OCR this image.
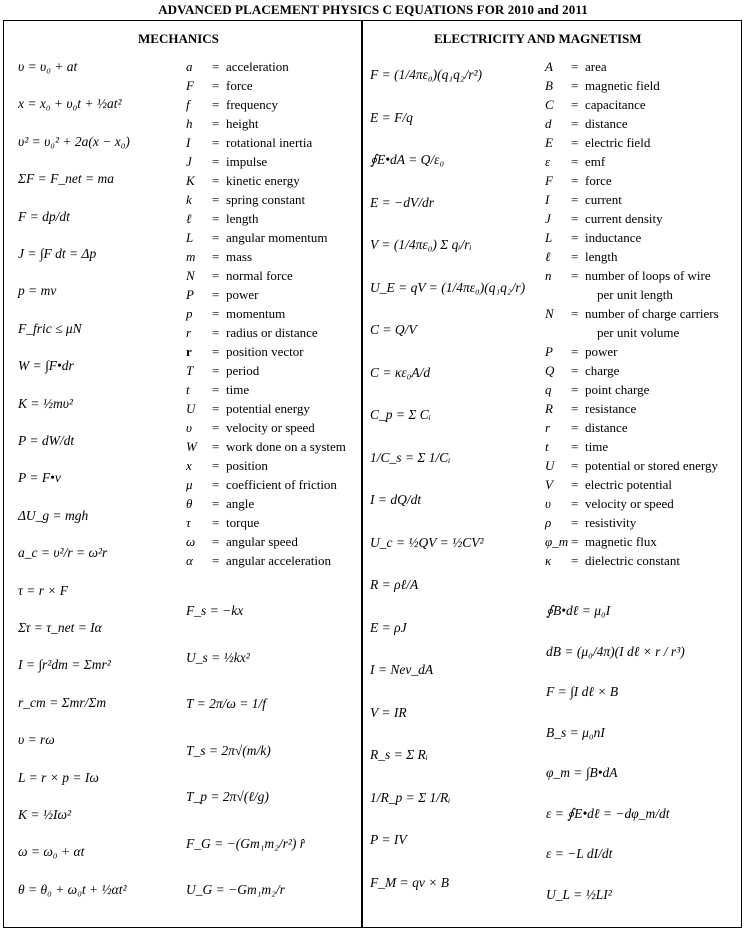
ADVANCED PLACEMENT PHYSICS C EQUATIONS FOR 2010 and 2011
MECHANICS	ELECTRICITY AND MAGNETISM
υ = υ₀ + at
x = x₀ + υ₀t + ½at²
υ² = υ₀² + 2a(x − x₀)
ΣF = F_net = ma
F = dp/dt
J = ∫F dt = Δp
p = mv
F_fric ≤ μN
W = ∫F•dr
K = ½mυ²
P = dW/dt
P = F•v
ΔU_g = mgh
a_c = υ²/r = ω²r
τ = r × F
Στ = τ_net = Iα
I = ∫r²dm = Σmr²
r_cm = Σmr/Σm
υ = rω
L = r × p = Iω
K = ½Iω²
ω = ω₀ + αt
θ = θ₀ + ω₀t + ½αt²
F_s = −kx
U_s = ½kx²
T = 2π/ω = 1/f
T_s = 2π√(m/k)
T_p = 2π√(ℓ/g)
F_G = −(Gm₁m₂/r²) r̂
U_G = −Gm₁m₂/r
a = acceleration
F = force
f = frequency
h = height
I = rotational inertia
J = impulse
K = kinetic energy
k = spring constant
ℓ = length
L = angular momentum
m = mass
N = normal force
P = power
p = momentum
r = radius or distance
r = position vector
T = period
t = time
U = potential energy
υ = velocity or speed
W = work done on a system
x = position
μ = coefficient of friction
θ = angle
τ = torque
ω = angular speed
α = angular acceleration
F = (1/4πε₀)(q₁q₂/r²)
E = F/q
∮E•dA = Q/ε₀
E = −dV/dr
V = (1/4πε₀) Σ qᵢ/rᵢ
U_E = qV = (1/4πε₀)(q₁q₂/r)
C = Q/V
C = κε₀A/d
C_p = Σ Cᵢ
1/C_s = Σ 1/Cᵢ
I = dQ/dt
U_c = ½QV = ½CV²
R = ρℓ/A
E = ρJ
I = Nev_dA
V = IR
R_s = Σ Rᵢ
1/R_p = Σ 1/Rᵢ
P = IV
F_M = qv × B
∮B•dℓ = μ₀I
dB = (μ₀/4π)(I dℓ × r / r³)
F = ∫I dℓ × B
B_s = μ₀nI
φ_m = ∫B•dA
ε = ∮E•dℓ = −dφ_m/dt
ε = −L dI/dt
U_L = ½LI²
A = area
B = magnetic field
C = capacitance
d = distance
E = electric field
ε = emf
F = force
I = current
J = current density
L = inductance
ℓ = length
n = number of loops of wire
per unit length
N = number of charge carriers
per unit volume
P = power
Q = charge
q = point charge
R = resistance
r = distance
t = time
U = potential or stored energy
V = electric potential
υ = velocity or speed
ρ = resistivity
φ_m = magnetic flux
κ = dielectric constant
